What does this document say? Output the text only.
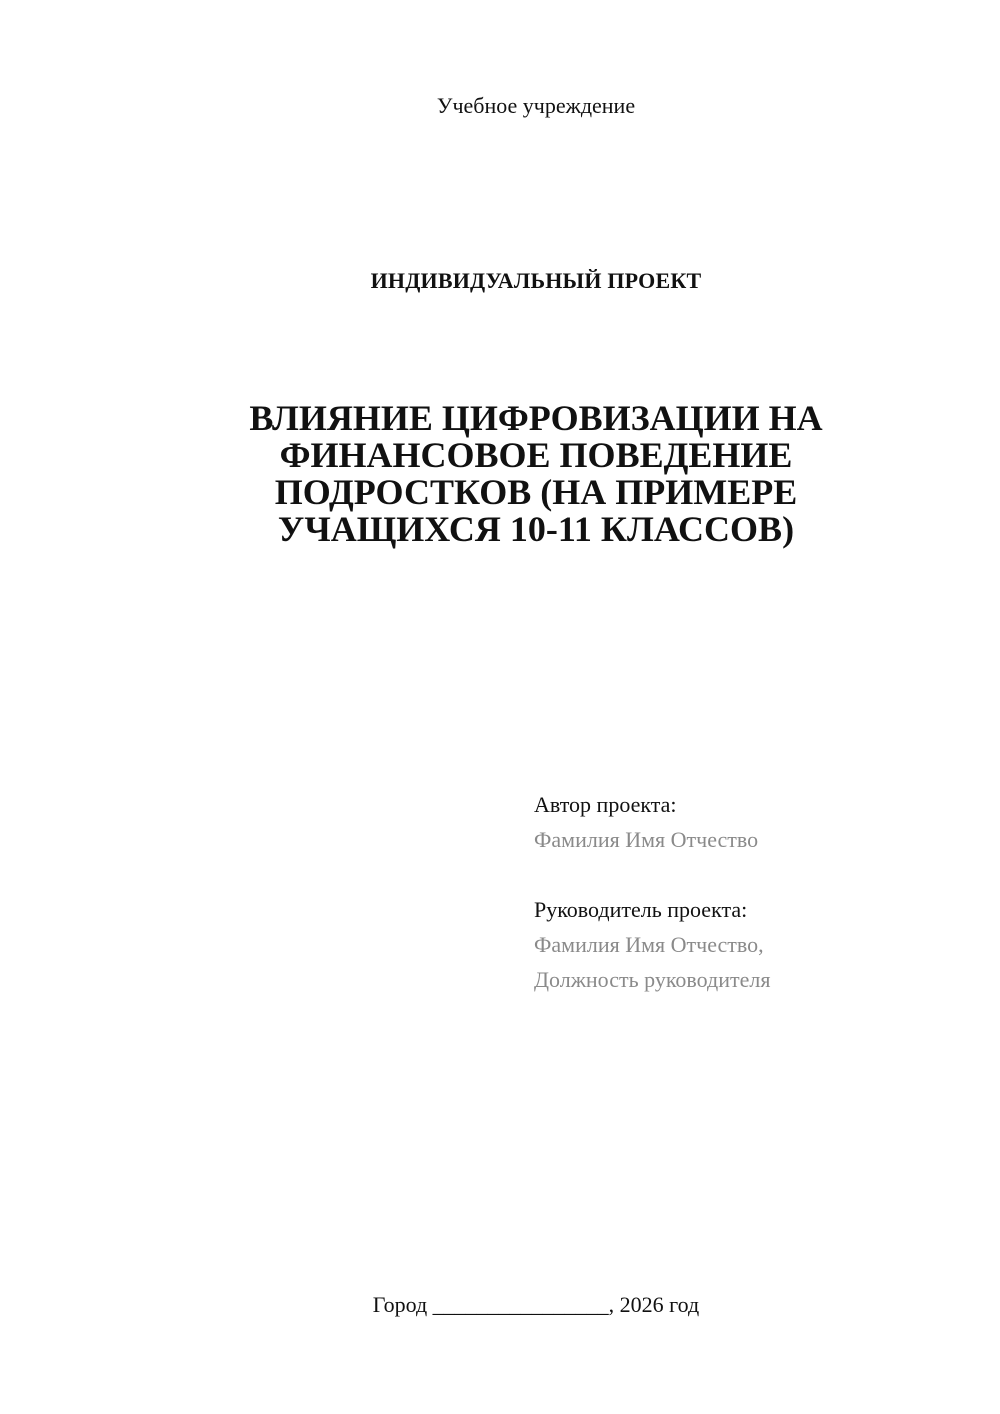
Учебное учреждение
ИНДИВИДУАЛЬНЫЙ ПРОЕКТ
ВЛИЯНИЕ ЦИФРОВИЗАЦИИ НА
ФИНАНСОВОЕ ПОВЕДЕНИЕ
ПОДРОСТКОВ (НА ПРИМЕРЕ
УЧАЩИХСЯ 10-11 КЛАССОВ)
Автор проекта:
Фамилия Имя Отчество
Руководитель проекта:
Фамилия Имя Отчество,
Должность руководителя
Город ________________, 2026 год
